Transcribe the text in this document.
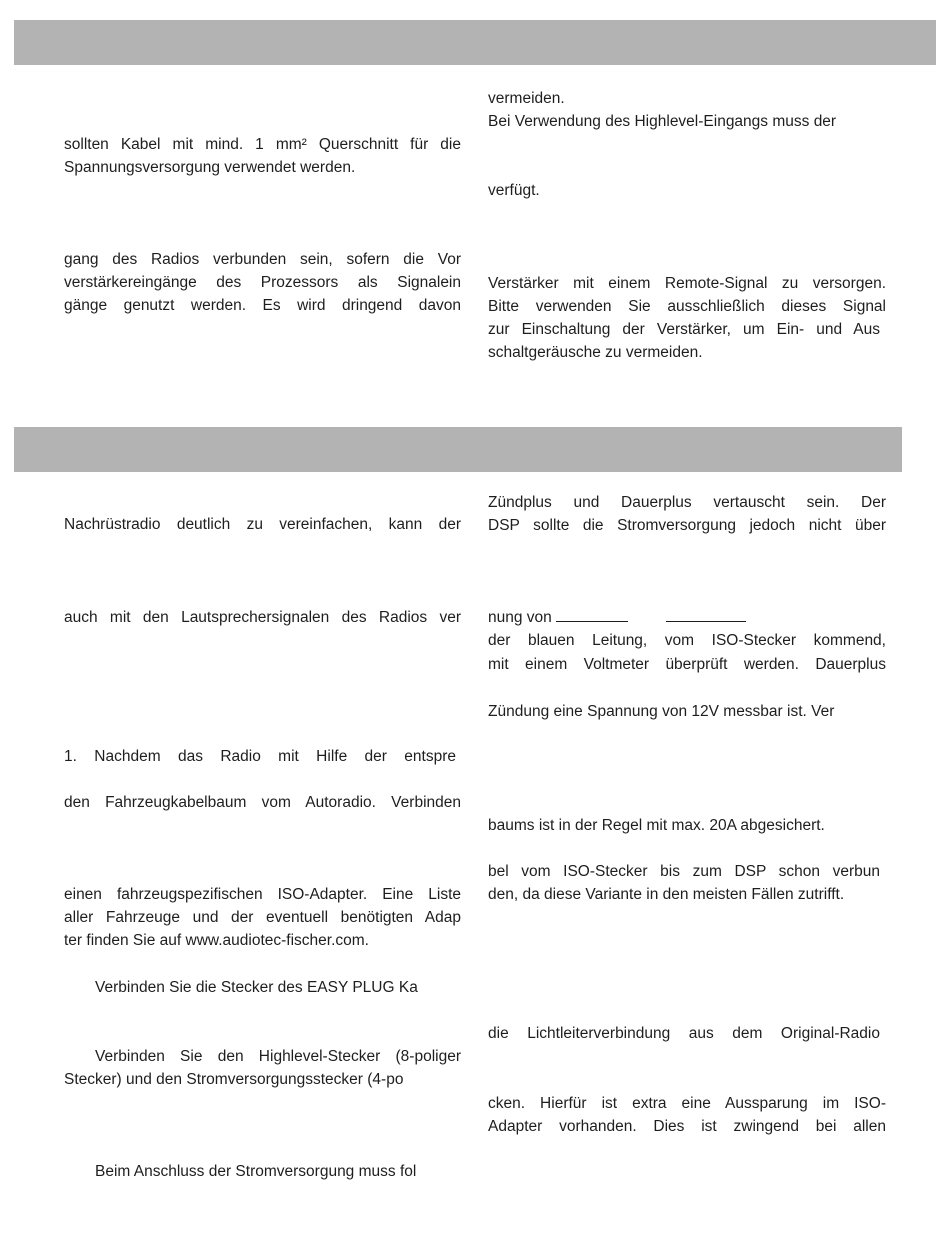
sollten Kabel mit mind. 1 mm² Querschnitt für die
Spannungsversorgung verwendet werden.
gang des Radios verbunden sein, sofern die Vor
verstärkereingänge des Prozessors als Signalein
gänge genutzt werden. Es wird dringend davon
Nachrüstradio deutlich zu vereinfachen, kann der
auch mit den Lautsprechersignalen des Radios ver
1. Nachdem das Radio mit Hilfe der entspre
den Fahrzeugkabelbaum vom Autoradio. Verbinden
einen fahrzeugspezifischen ISO-Adapter. Eine Liste
aller Fahrzeuge und der eventuell benötigten Adap
ter finden Sie auf www.audiotec-fischer.com.
Verbinden Sie die Stecker des EASY PLUG Ka
Verbinden Sie den Highlevel-Stecker (8-poliger
Stecker) und den Stromversorgungsstecker (4-po
Beim Anschluss der Stromversorgung muss fol
vermeiden.
Bei Verwendung des Highlevel-Eingangs muss der
verfügt.
Verstärker mit einem Remote-Signal zu versorgen.
Bitte verwenden Sie ausschließlich dieses Signal
zur Einschaltung der Verstärker, um Ein- und Aus
schaltgeräusche zu vermeiden.
Zündplus und Dauerplus vertauscht sein. Der
DSP sollte die Stromversorgung jedoch nicht über
nung von
der blauen Leitung, vom ISO-Stecker kommend,
mit einem Voltmeter überprüft werden. Dauerplus
Zündung eine Spannung von 12V messbar ist. Ver
baums ist in der Regel mit max. 20A abgesichert.
bel vom ISO-Stecker bis zum DSP schon verbun
den, da diese Variante in den meisten Fällen zutrifft.
die Lichtleiterverbindung aus dem Original-Radio
cken. Hierfür ist extra eine Aussparung im ISO-
Adapter vorhanden. Dies ist zwingend bei allen
